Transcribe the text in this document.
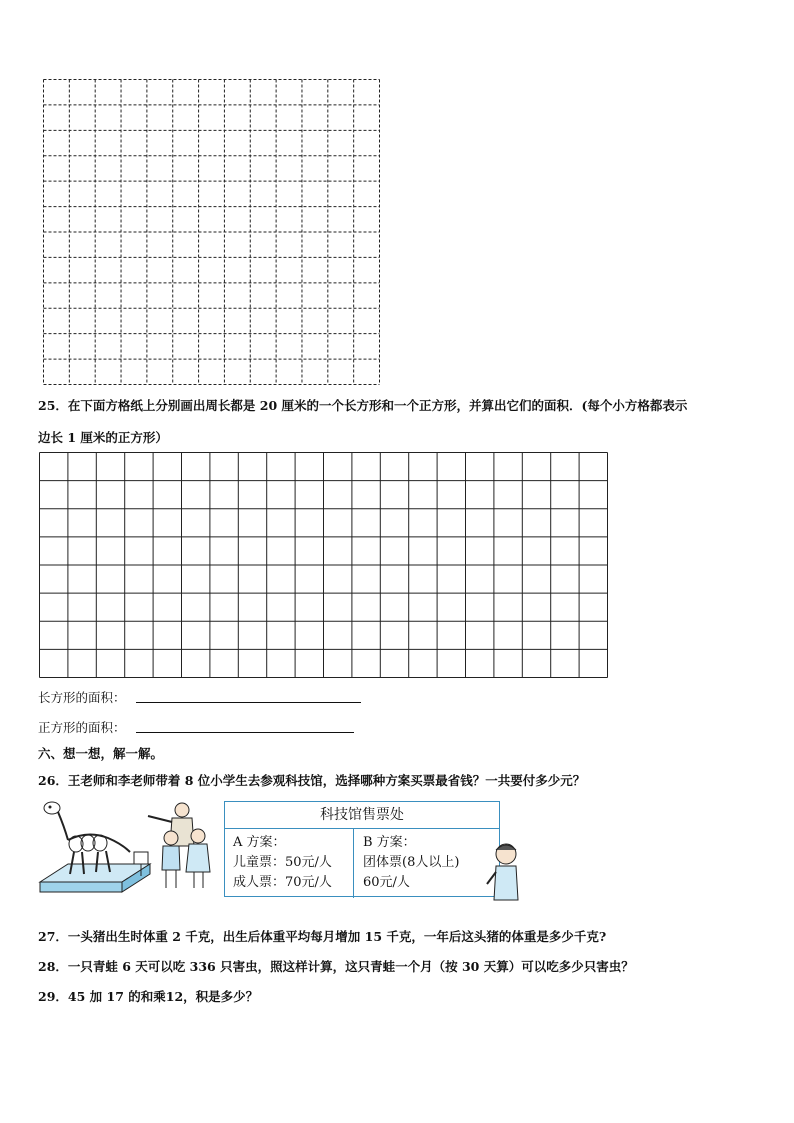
25．在下面方格纸上分别画出周长都是 20 厘米的一个长方形和一个正方形，并算出它们的面积．(每个小方格都表示
边长 1 厘米的正方形）
长方形的面积：
正方形的面积：
六、想一想，解一解。
26．王老师和李老师带着 8 位小学生去参观科技馆，选择哪种方案买票最省钱？一共要付多少元？
科技馆售票处
A 方案：
儿童票：50元/人
成人票：70元/人
B 方案：
团体票(8人以上)
60元/人
27．一头猪出生时体重 2 千克，出生后体重平均每月增加 15 千克，一年后这头猪的体重是多少千克?
28．一只青蛙 6 天可以吃 336 只害虫，照这样计算，这只青蛙一个月（按 30 天算）可以吃多少只害虫？
29．45 加 17 的和乘12，积是多少？
